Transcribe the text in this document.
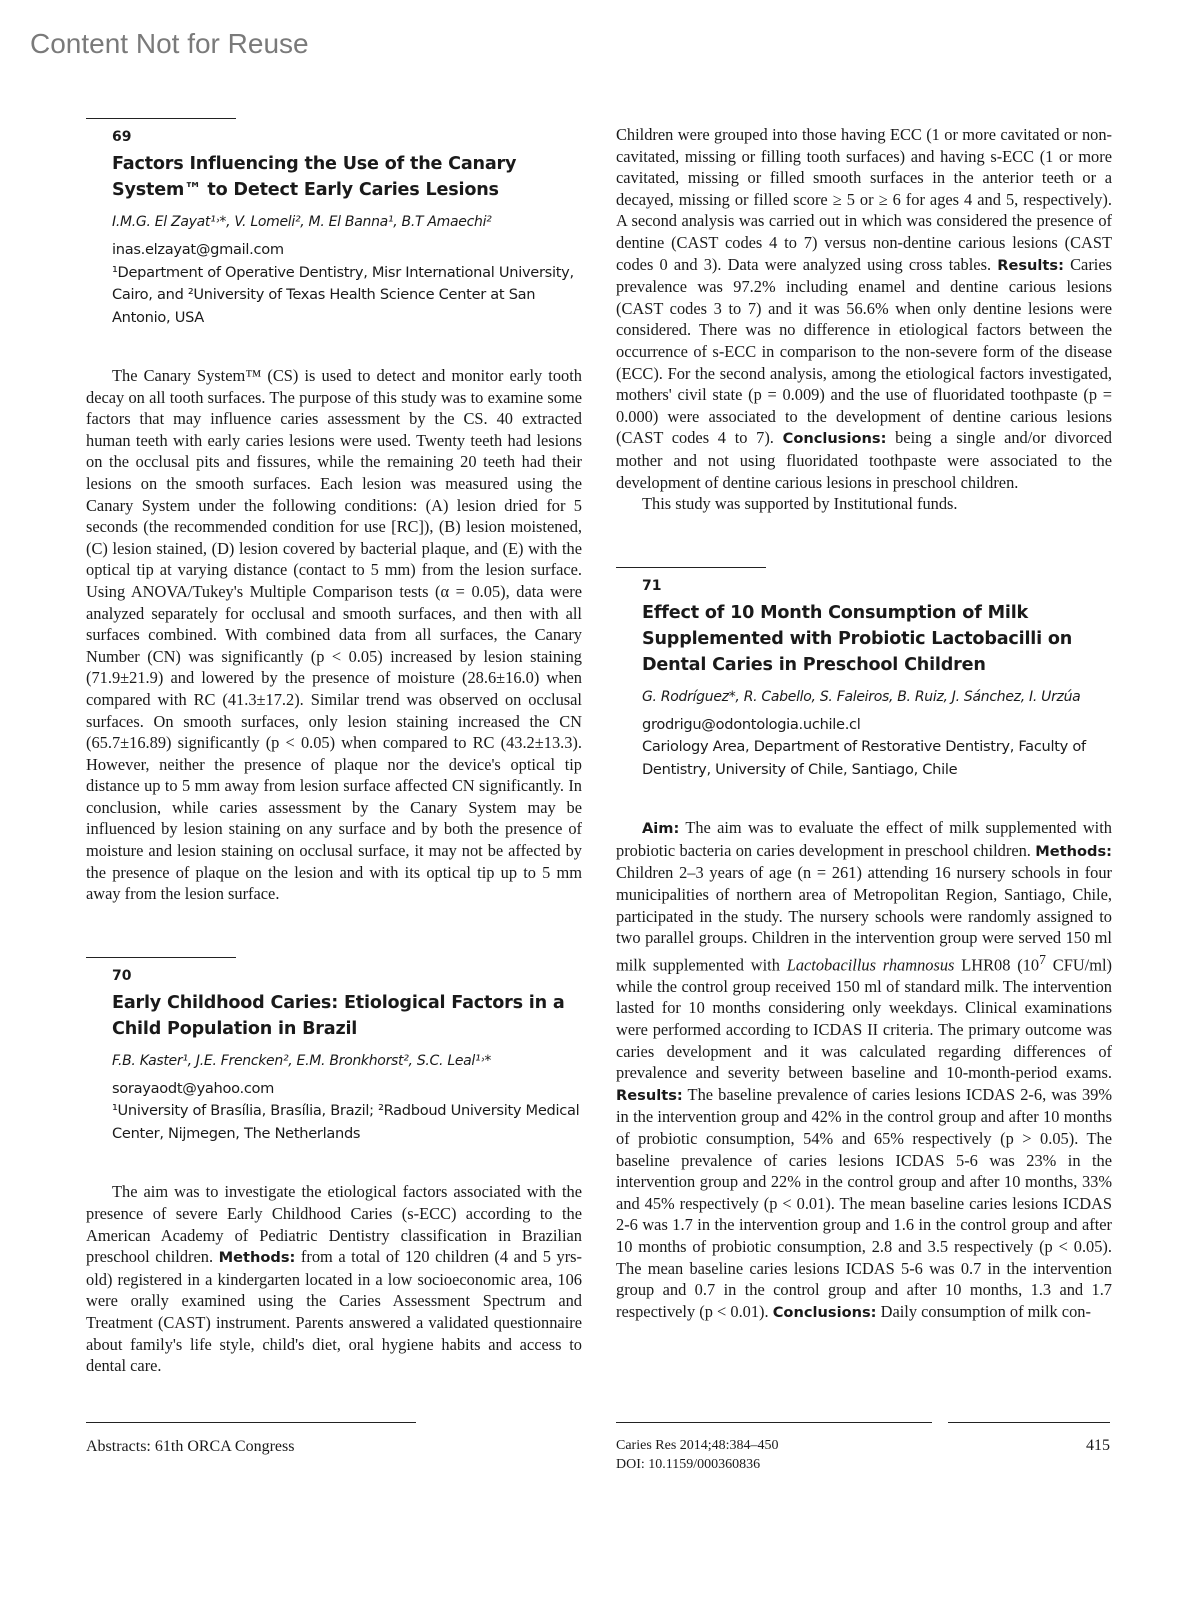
Content Not for Reuse
69
Factors Influencing the Use of the Canary System™ to Detect Early Caries Lesions
I.M.G. El Zayat¹˒*, V. Lomeli², M. El Banna¹, B.T Amaechi²
inas.elzayat@gmail.com
¹Department of Operative Dentistry, Misr International University, Cairo, and ²University of Texas Health Science Center at San Antonio, USA

The Canary System™ (CS) is used to detect and monitor early tooth decay on all tooth surfaces. The purpose of this study was to examine some factors that may influence caries assessment by the CS. 40 extracted human teeth with early caries lesions were used. Twenty teeth had lesions on the occlusal pits and fissures, while the remaining 20 teeth had their lesions on the smooth surfaces. Each lesion was measured using the Canary System under the following conditions: (A) lesion dried for 5 seconds (the recommended condition for use [RC]), (B) lesion moistened, (C) lesion stained, (D) lesion covered by bacterial plaque, and (E) with the optical tip at varying distance (contact to 5 mm) from the lesion surface. Using ANOVA/Tukey's Multiple Comparison tests (α = 0.05), data were analyzed separately for occlusal and smooth surfaces, and then with all surfaces combined. With combined data from all surfaces, the Canary Number (CN) was significantly (p < 0.05) increased by lesion staining (71.9±21.9) and lowered by the presence of moisture (28.6±16.0) when compared with RC (41.3±17.2). Similar trend was observed on occlusal surfaces. On smooth surfaces, only lesion staining increased the CN (65.7±16.89) significantly (p < 0.05) when compared to RC (43.2±13.3). However, neither the presence of plaque nor the device's optical tip distance up to 5 mm away from lesion surface affected CN significantly. In conclusion, while caries assessment by the Canary System may be influenced by lesion staining on any surface and by both the presence of moisture and lesion staining on occlusal surface, it may not be affected by the presence of plaque on the lesion and with its optical tip up to 5 mm away from the lesion surface.

70
Early Childhood Caries: Etiological Factors in a Child Population in Brazil
F.B. Kaster¹, J.E. Frencken², E.M. Bronkhorst², S.C. Leal¹˒*
sorayaodt@yahoo.com
¹University of Brasília, Brasília, Brazil; ²Radboud University Medical Center, Nijmegen, The Netherlands

The aim was to investigate the etiological factors associated with the presence of severe Early Childhood Caries (s-ECC) according to the American Academy of Pediatric Dentistry classification in Brazilian preschool children. Methods: from a total of 120 children (4 and 5 yrs-old) registered in a kindergarten located in a low socioeconomic area, 106 were orally examined using the Caries Assessment Spectrum and Treatment (CAST) instrument. Parents answered a validated questionnaire about family's life style, child's diet, oral hygiene habits and access to dental care.

Children were grouped into those having ECC (1 or more cavitated or non-cavitated, missing or filling tooth surfaces) and having s-ECC (1 or more cavitated, missing or filled smooth surfaces in the anterior teeth or a decayed, missing or filled score ≥ 5 or ≥ 6 for ages 4 and 5, respectively). A second analysis was carried out in which was considered the presence of dentine (CAST codes 4 to 7) versus non-dentine carious lesions (CAST codes 0 and 3). Data were analyzed using cross tables. Results: Caries prevalence was 97.2% including enamel and dentine carious lesions (CAST codes 3 to 7) and it was 56.6% when only dentine lesions were considered. There was no difference in etiological factors between the occurrence of s-ECC in comparison to the non-severe form of the disease (ECC). For the second analysis, among the etiological factors investigated, mothers' civil state (p = 0.009) and the use of fluoridated toothpaste (p = 0.000) were associated to the development of dentine carious lesions (CAST codes 4 to 7). Conclusions: being a single and/or divorced mother and not using fluoridated toothpaste were associated to the development of dentine carious lesions in preschool children.

This study was supported by Institutional funds.

71
Effect of 10 Month Consumption of Milk Supplemented with Probiotic Lactobacilli on Dental Caries in Preschool Children
G. Rodríguez*, R. Cabello, S. Faleiros, B. Ruiz, J. Sánchez, I. Urzúa
grodrigu@odontologia.uchile.cl
Cariology Area, Department of Restorative Dentistry, Faculty of Dentistry, University of Chile, Santiago, Chile

Aim: The aim was to evaluate the effect of milk supplemented with probiotic bacteria on caries development in preschool children. Methods: Children 2–3 years of age (n = 261) attending 16 nursery schools in four municipalities of northern area of Metropolitan Region, Santiago, Chile, participated in the study. The nursery schools were randomly assigned to two parallel groups. Children in the intervention group were served 150 ml milk supplemented with Lactobacillus rhamnosus LHR08 ($10^7$ CFU/ml) while the control group received 150 ml of standard milk. The intervention lasted for 10 months considering only weekdays. Clinical examinations were performed according to ICDAS II criteria. The primary outcome was caries development and it was calculated regarding differences of prevalence and severity between baseline and 10-month-period exams. Results: The baseline prevalence of caries lesions ICDAS 2-6, was 39% in the intervention group and 42% in the control group and after 10 months of probiotic consumption, 54% and 65% respectively (p > 0.05). The baseline prevalence of caries lesions ICDAS 5-6 was 23% in the intervention group and 22% in the control group and after 10 months, 33% and 45% respectively (p < 0.01). The mean baseline caries lesions ICDAS 2-6 was 1.7 in the intervention group and 1.6 in the control group and after 10 months of probiotic consumption, 2.8 and 3.5 respectively (p < 0.05). The mean baseline caries lesions ICDAS 5-6 was 0.7 in the intervention group and 0.7 in the control group and after 10 months, 1.3 and 1.7 respectively (p < 0.01). Conclusions: Daily consumption of milk con-

Abstracts: 61th ORCA Congress	Caries Res 2014;48:384–450
DOI: 10.1159/000360836
415
